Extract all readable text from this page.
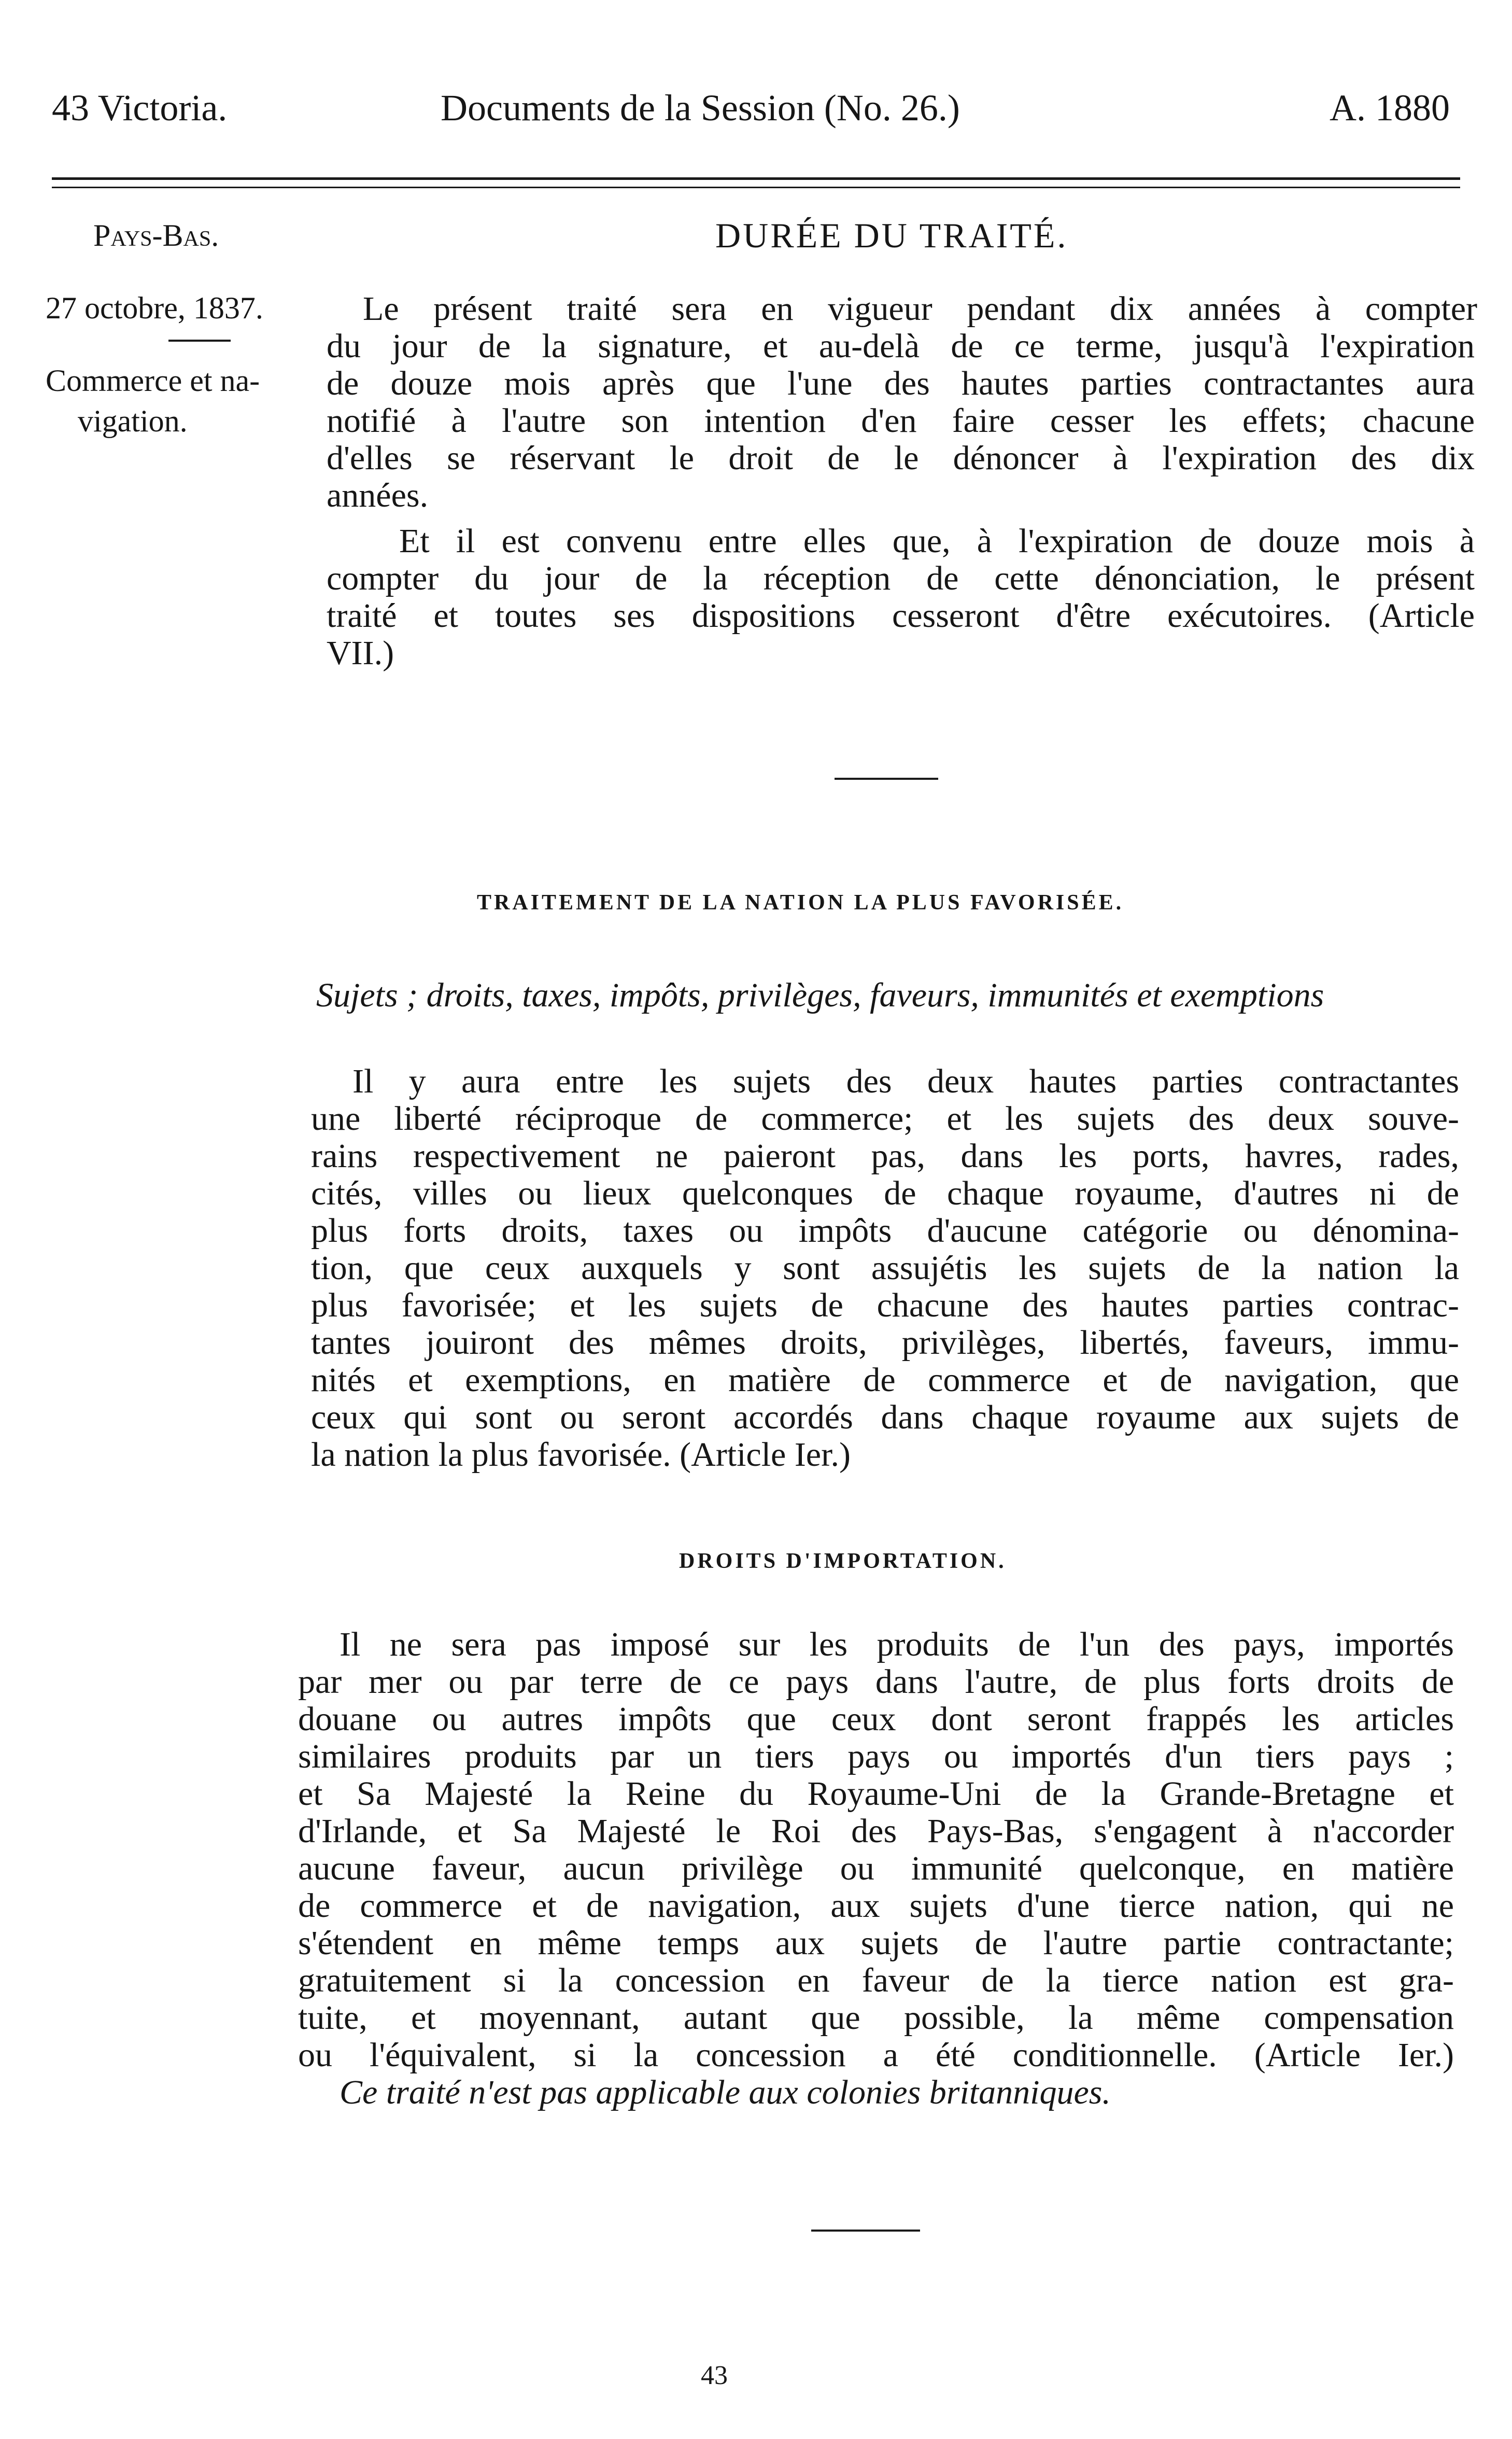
43 Victoria.	Documents de la Session (No. 26.)	A. 1880
Pays-Bas.	DURÉE DU TRAITÉ.
27 octobre, 1837.
Commerce et na-
vigation.
Le présent traité sera en vigueur pendant dix années à compter
du jour de la signature, et au-delà de ce terme, jusqu'à l'expiration
de douze mois après que l'une des hautes parties contractantes aura
notifié à l'autre son intention d'en faire cesser les effets; chacune
d'elles se réservant le droit de le dénoncer à l'expiration des dix
années.
Et il est convenu entre elles que, à l'expiration de douze mois à
compter du jour de la réception de cette dénonciation, le présent
traité et toutes ses dispositions cesseront d'être exécutoires. (Article
VII.)
TRAITEMENT DE LA NATION LA PLUS FAVORISÉE.
Sujets ; droits, taxes, impôts, privilèges, faveurs, immunités et exemptions
Il y aura entre les sujets des deux hautes parties contractantes
une liberté réciproque de commerce; et les sujets des deux souve-
rains respectivement ne paieront pas, dans les ports, havres, rades,
cités, villes ou lieux quelconques de chaque royaume, d'autres ni de
plus forts droits, taxes ou impôts d'aucune catégorie ou dénomina-
tion, que ceux auxquels y sont assujétis les sujets de la nation la
plus favorisée; et les sujets de chacune des hautes parties contrac-
tantes jouiront des mêmes droits, privilèges, libertés, faveurs, immu-
nités et exemptions, en matière de commerce et de navigation, que
ceux qui sont ou seront accordés dans chaque royaume aux sujets de
la nation la plus favorisée. (Article Ier.)
DROITS D'IMPORTATION.
Il ne sera pas imposé sur les produits de l'un des pays, importés
par mer ou par terre de ce pays dans l'autre, de plus forts droits de
douane ou autres impôts que ceux dont seront frappés les articles
similaires produits par un tiers pays ou importés d'un tiers pays ;
et Sa Majesté la Reine du Royaume-Uni de la Grande-Bretagne et
d'Irlande, et Sa Majesté le Roi des Pays-Bas, s'engagent à n'accorder
aucune faveur, aucun privilège ou immunité quelconque, en matière
de commerce et de navigation, aux sujets d'une tierce nation, qui ne
s'étendent en même temps aux sujets de l'autre partie contractante;
gratuitement si la concession en faveur de la tierce nation est gra-
tuite, et moyennant, autant que possible, la même compensation
ou l'équivalent, si la concession a été conditionnelle. (Article Ier.)
Ce traité n'est pas applicable aux colonies britanniques.
43
